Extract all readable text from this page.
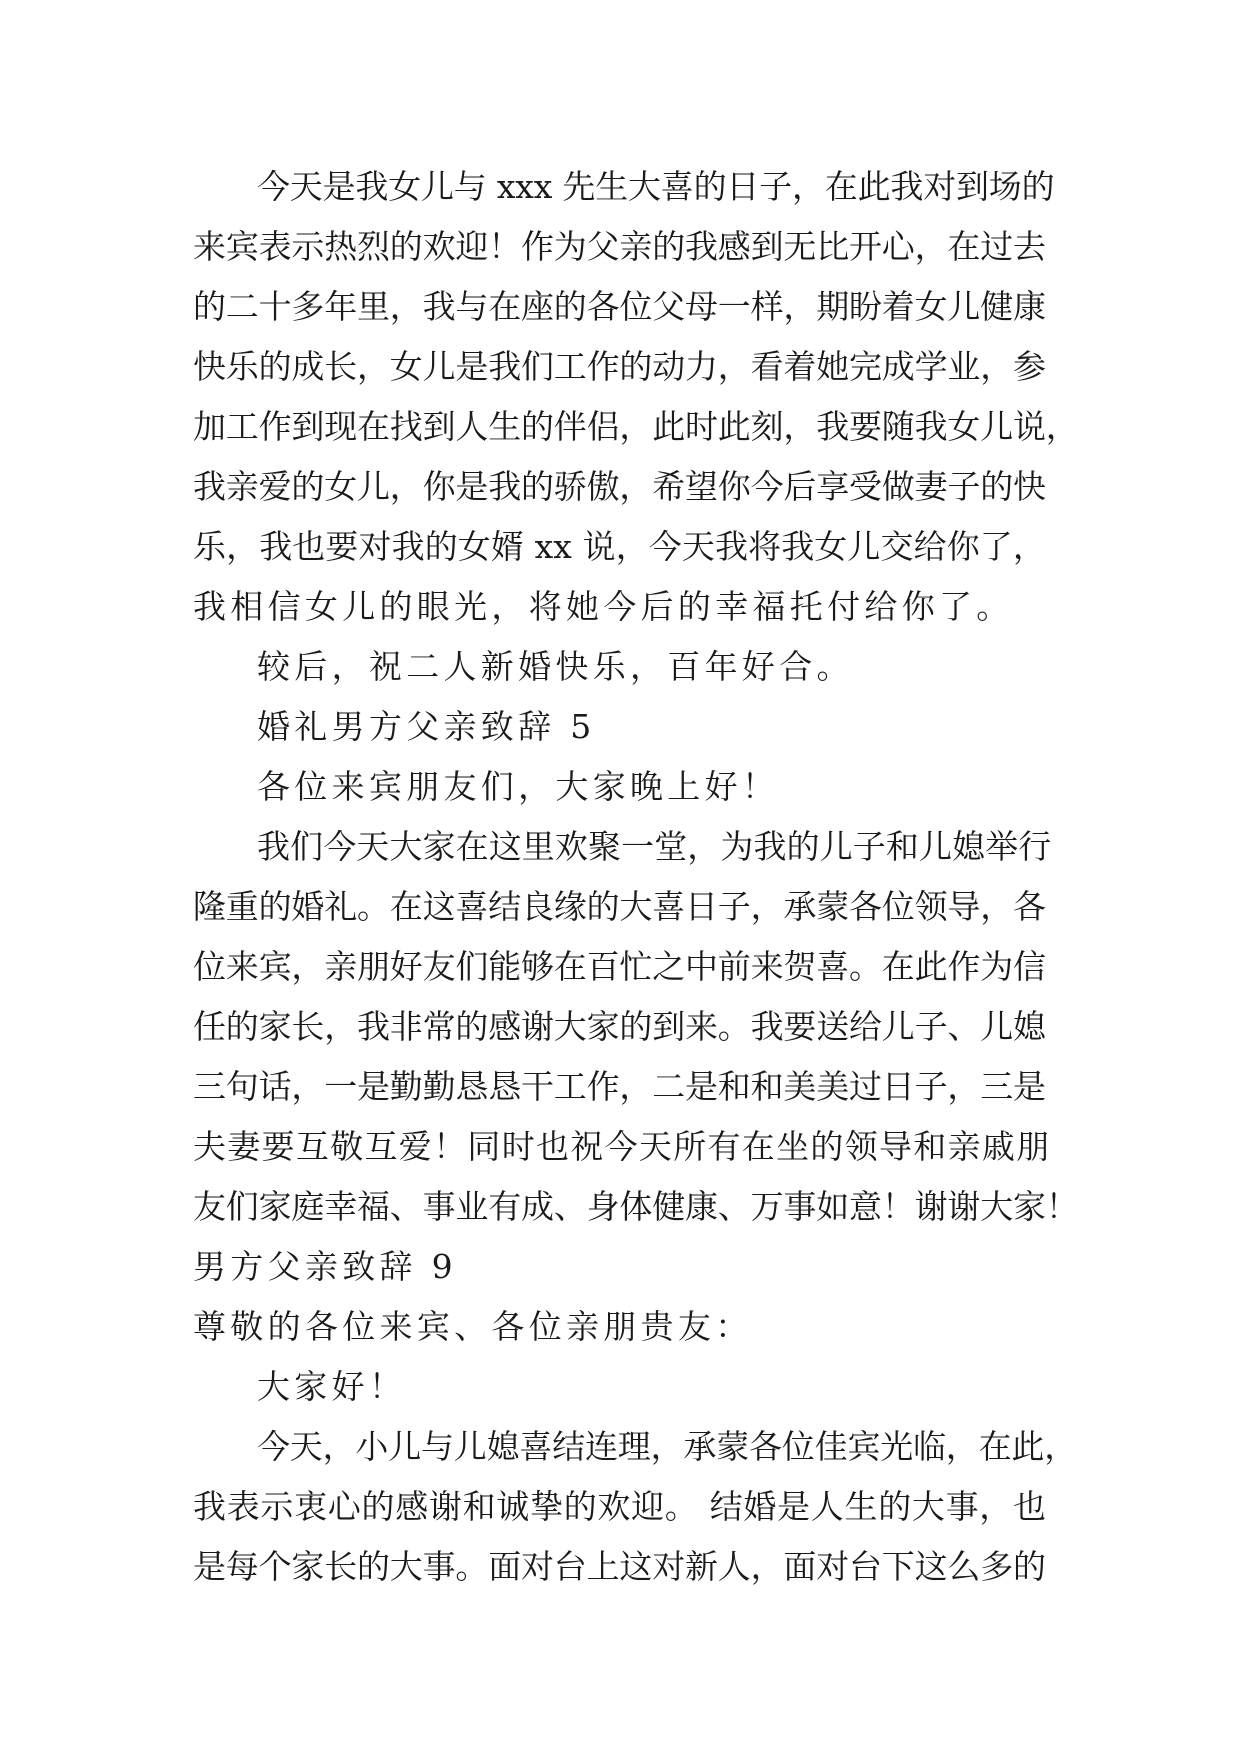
今天是我女儿与 xxx 先生大喜的日子，在此我对到场的
来宾表示热烈的欢迎！作为父亲的我感到无比开心，在过去
的二十多年里，我与在座的各位父母一样，期盼着女儿健康
快乐的成长，女儿是我们工作的动力，看着她完成学业，参
加工作到现在找到人生的伴侣，此时此刻，我要随我女儿说，
我亲爱的女儿，你是我的骄傲，希望你今后享受做妻子的快
乐，我也要对我的女婿 xx 说，今天我将我女儿交给你了，
我相信女儿的眼光，将她今后的幸福托付给你了。
较后，祝二人新婚快乐，百年好合。
婚礼男方父亲致辞 5
各位来宾朋友们，大家晚上好！
我们今天大家在这里欢聚一堂，为我的儿子和儿媳举行
隆重的婚礼。在这喜结良缘的大喜日子，承蒙各位领导，各
位来宾，亲朋好友们能够在百忙之中前来贺喜。在此作为信
任的家长，我非常的感谢大家的到来。我要送给儿子、儿媳
三句话，一是勤勤恳恳干工作，二是和和美美过日子，三是
夫妻要互敬互爱！同时也祝今天所有在坐的领导和亲戚朋
友们家庭幸福、事业有成、身体健康、万事如意！谢谢大家！
男方父亲致辞 9
尊敬的各位来宾、各位亲朋贵友：
大家好！
今天，小儿与儿媳喜结连理，承蒙各位佳宾光临，在此，
我表示衷心的感谢和诚挚的欢迎。 结婚是人生的大事，也
是每个家长的大事。面对台上这对新人，面对台下这么多的
